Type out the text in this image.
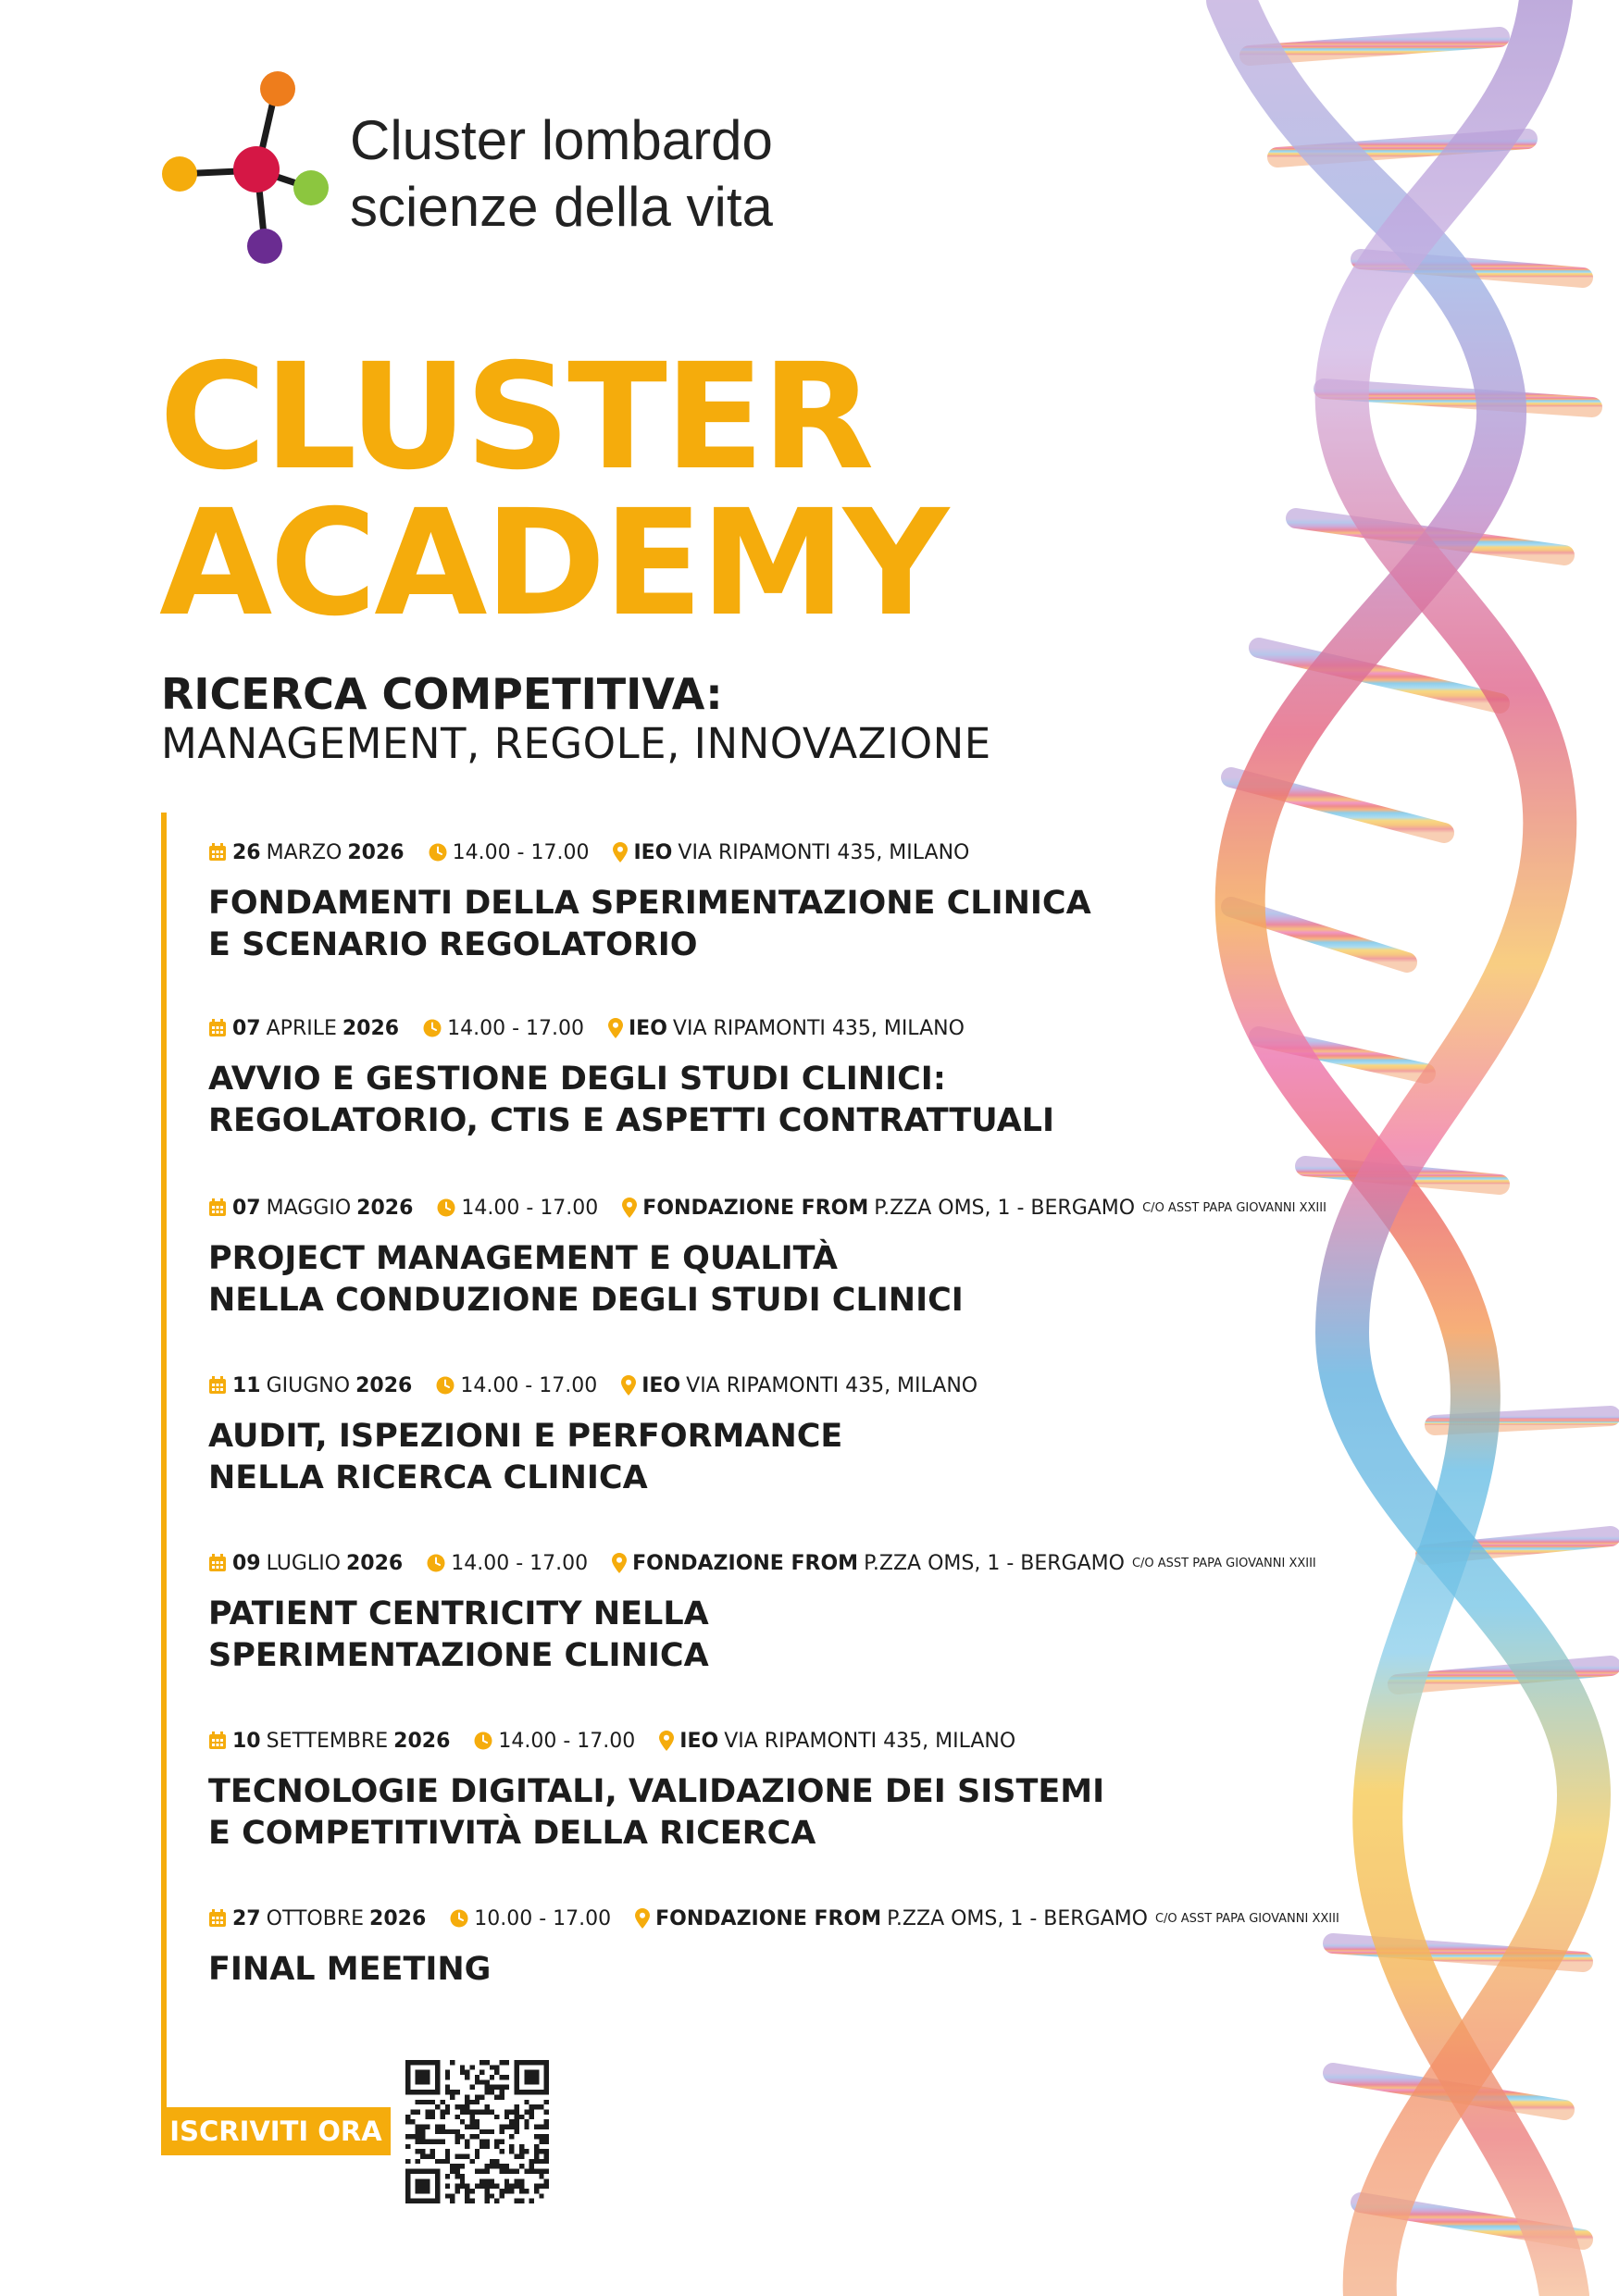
Cluster lombardo
scienze della vita
CLUSTER
ACADEMY
RICERCA COMPETITIVA:
MANAGEMENT, REGOLE, INNOVAZIONE
26 MARZO 2026 14.00 - 17.00 IEO VIA RIPAMONTI 435, MILANO
FONDAMENTI DELLA SPERIMENTAZIONE CLINICA
E SCENARIO REGOLATORIO
07 APRILE 2026 14.00 - 17.00 IEO VIA RIPAMONTI 435, MILANO
AVVIO E GESTIONE DEGLI STUDI CLINICI:
REGOLATORIO, CTIS E ASPETTI CONTRATTUALI
07 MAGGIO 2026 14.00 - 17.00 FONDAZIONE FROM P.ZZA OMS, 1 - BERGAMO C/O ASST PAPA GIOVANNI XXIII
PROJECT MANAGEMENT E QUALITÀ
NELLA CONDUZIONE DEGLI STUDI CLINICI
11 GIUGNO 2026 14.00 - 17.00 IEO VIA RIPAMONTI 435, MILANO
AUDIT, ISPEZIONI E PERFORMANCE
NELLA RICERCA CLINICA
09 LUGLIO 2026 14.00 - 17.00 FONDAZIONE FROM P.ZZA OMS, 1 - BERGAMO C/O ASST PAPA GIOVANNI XXIII
PATIENT CENTRICITY NELLA
SPERIMENTAZIONE CLINICA
10 SETTEMBRE 2026 14.00 - 17.00 IEO VIA RIPAMONTI 435, MILANO
TECNOLOGIE DIGITALI, VALIDAZIONE DEI SISTEMI
E COMPETITIVITÀ DELLA RICERCA
27 OTTOBRE 2026 10.00 - 17.00 FONDAZIONE FROM P.ZZA OMS, 1 - BERGAMO C/O ASST PAPA GIOVANNI XXIII
FINAL MEETING
ISCRIVITI ORA
